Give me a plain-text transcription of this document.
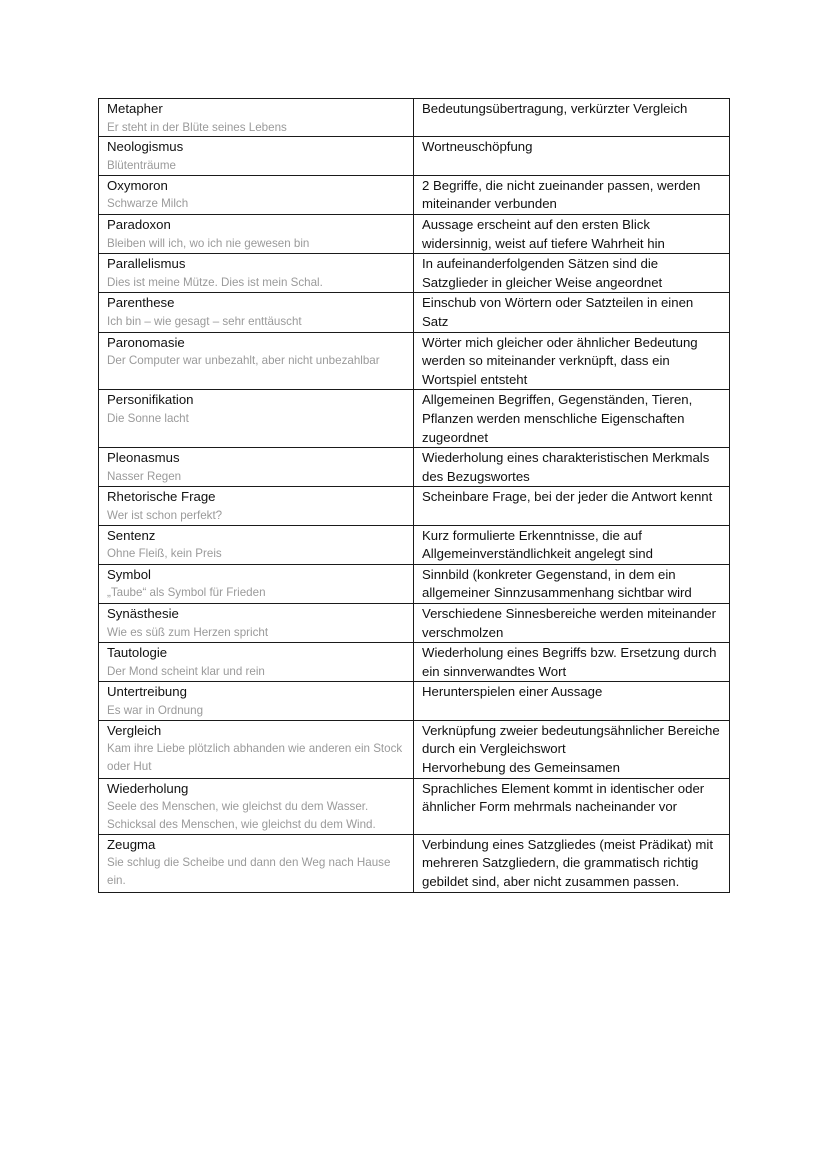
Metapher
Er steht in der Blüte seines Lebens	Bedeutungsübertragung, verkürzter Vergleich

Neologismus
Blütenträume	Wortneuschöpfung

Oxymoron
Schwarze Milch	2 Begriffe, die nicht zueinander passen, werden miteinander verbunden

Paradoxon
Bleiben will ich, wo ich nie gewesen bin	Aussage erscheint auf den ersten Blick widersinnig, weist auf tiefere Wahrheit hin

Parallelismus
Dies ist meine Mütze. Dies ist mein Schal.	In aufeinanderfolgenden Sätzen sind die Satzglieder in gleicher Weise angeordnet

Parenthese
Ich bin – wie gesagt – sehr enttäuscht	Einschub von Wörtern oder Satzteilen in einen Satz

Paronomasie
Der Computer war unbezahlt, aber nicht unbezahlbar	Wörter mich gleicher oder ähnlicher Bedeutung werden so miteinander verknüpft, dass ein Wortspiel entsteht

Personifikation
Die Sonne lacht	Allgemeinen Begriffen, Gegenständen, Tieren, Pflanzen werden menschliche Eigenschaften zugeordnet

Pleonasmus
Nasser Regen	Wiederholung eines charakteristischen Merkmals des Bezugswortes

Rhetorische Frage
Wer ist schon perfekt?	Scheinbare Frage, bei der jeder die Antwort kennt

Sentenz
Ohne Fleiß, kein Preis	Kurz formulierte Erkenntnisse, die auf Allgemeinverständlichkeit angelegt sind

Symbol
„Taube“ als Symbol für Frieden	Sinnbild (konkreter Gegenstand, in dem ein allgemeiner Sinnzusammenhang sichtbar wird

Synästhesie
Wie es süß zum Herzen spricht	Verschiedene Sinnesbereiche werden miteinander verschmolzen

Tautologie
Der Mond scheint klar und rein	Wiederholung eines Begriffs bzw. Ersetzung durch ein sinnverwandtes Wort

Untertreibung
Es war in Ordnung	Herunterspielen einer Aussage

Vergleich
Kam ihre Liebe plötzlich abhanden wie anderen ein Stock oder Hut	Verknüpfung zweier bedeutungsähnlicher Bereiche durch ein Vergleichswort
Hervorhebung des Gemeinsamen

Wiederholung
Seele des Menschen, wie gleichst du dem Wasser. Schicksal des Menschen, wie gleichst du dem Wind.	Sprachliches Element kommt in identischer oder ähnlicher Form mehrmals nacheinander vor

Zeugma
Sie schlug die Scheibe und dann den Weg nach Hause ein.	Verbindung eines Satzgliedes (meist Prädikat) mit mehreren Satzgliedern, die grammatisch richtig gebildet sind, aber nicht zusammen passen.
